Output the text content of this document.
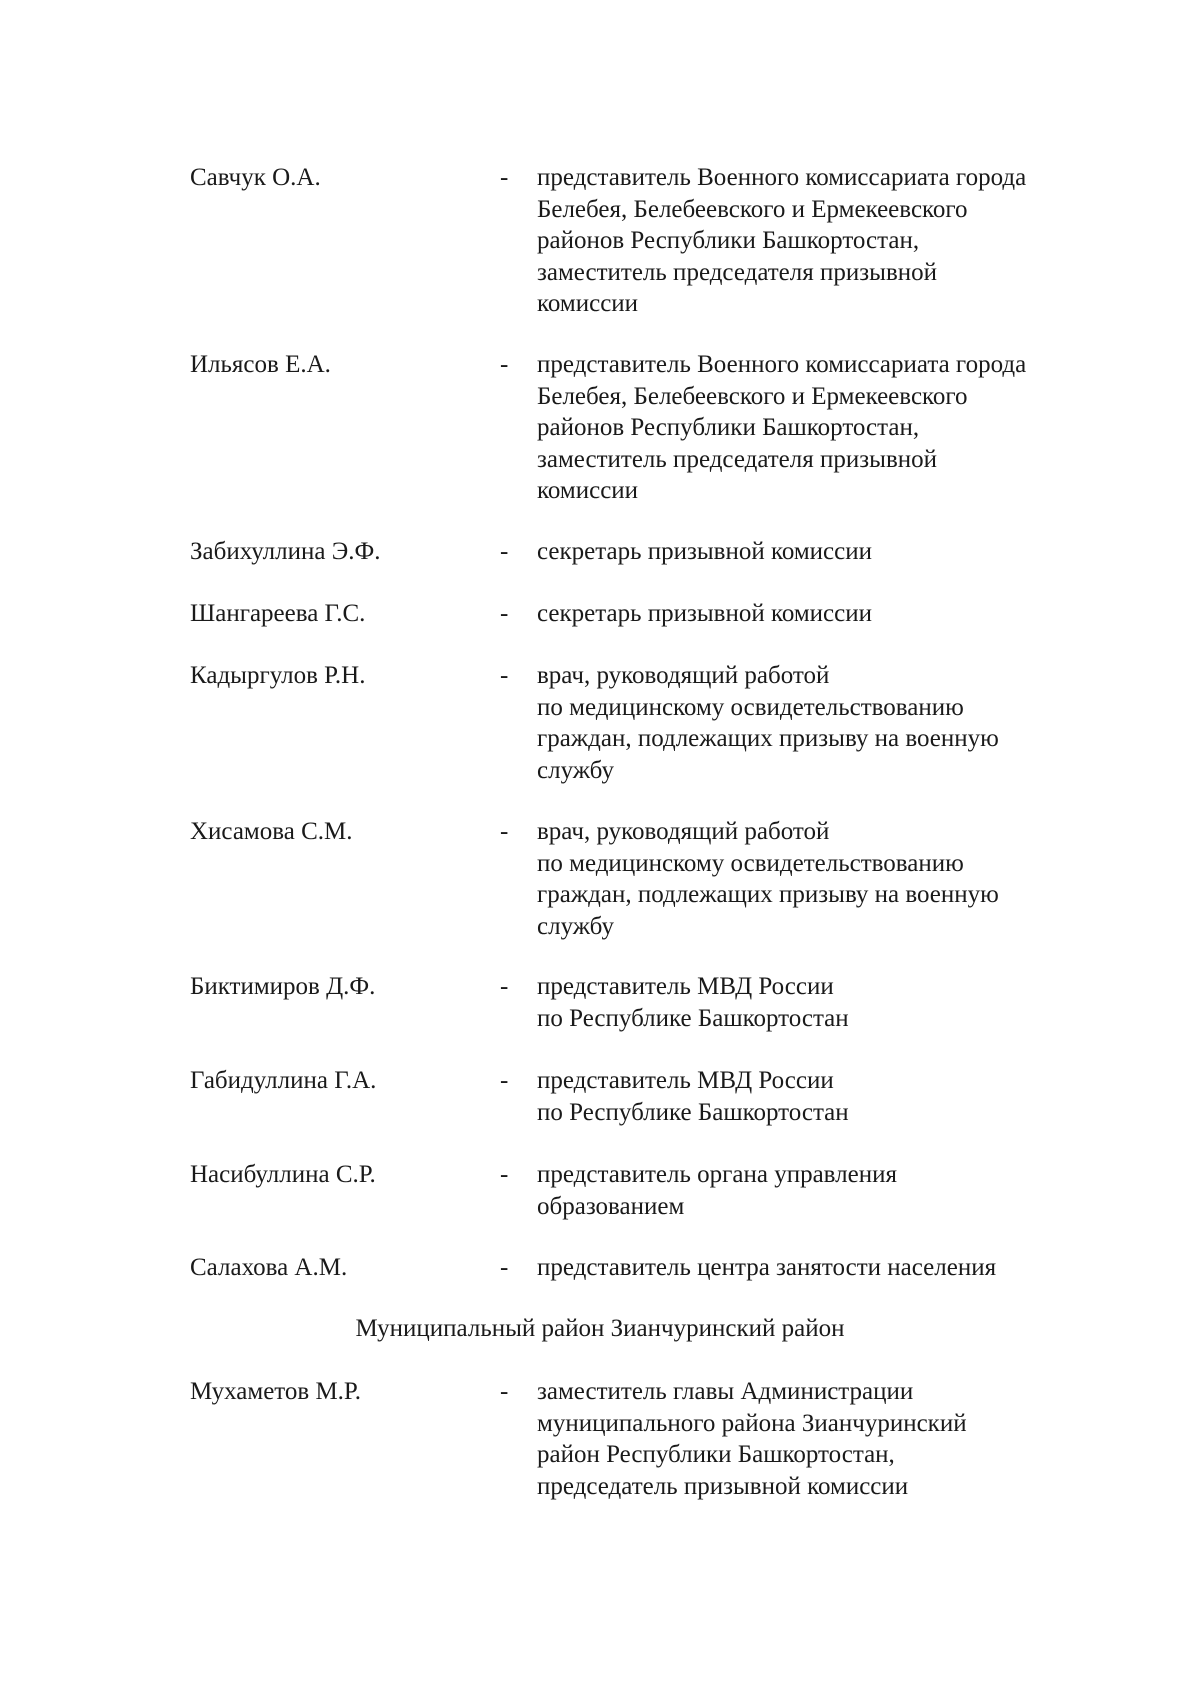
Савчук О.А.	- представитель Военного комиссариата города
Белебея, Белебеевского и Ермекеевского
районов Республики Башкортостан,
заместитель председателя призывной
комиссии
Ильясов Е.А.	- представитель Военного комиссариата города
Белебея, Белебеевского и Ермекеевского
районов Республики Башкортостан,
заместитель председателя призывной
комиссии
Забихуллина Э.Ф.	- секретарь призывной комиссии
Шангареева Г.С.	- секретарь призывной комиссии
Кадыргулов Р.Н.	- врач, руководящий работой
по медицинскому освидетельствованию
граждан, подлежащих призыву на военную
службу
Хисамова С.М.	- врач, руководящий работой
по медицинскому освидетельствованию
граждан, подлежащих призыву на военную
службу
Биктимиров Д.Ф.	- представитель МВД России
по Республике Башкортостан
Габидуллина Г.А.	- представитель МВД России
по Республике Башкортостан
Насибуллина С.Р.	- представитель органа управления
образованием
Салахова А.М.	- представитель центра занятости населения
Муниципальный район Зианчуринский район
Мухаметов М.Р.	- заместитель главы Администрации
муниципального района Зианчуринский
район Республики Башкортостан,
председатель призывной комиссии
